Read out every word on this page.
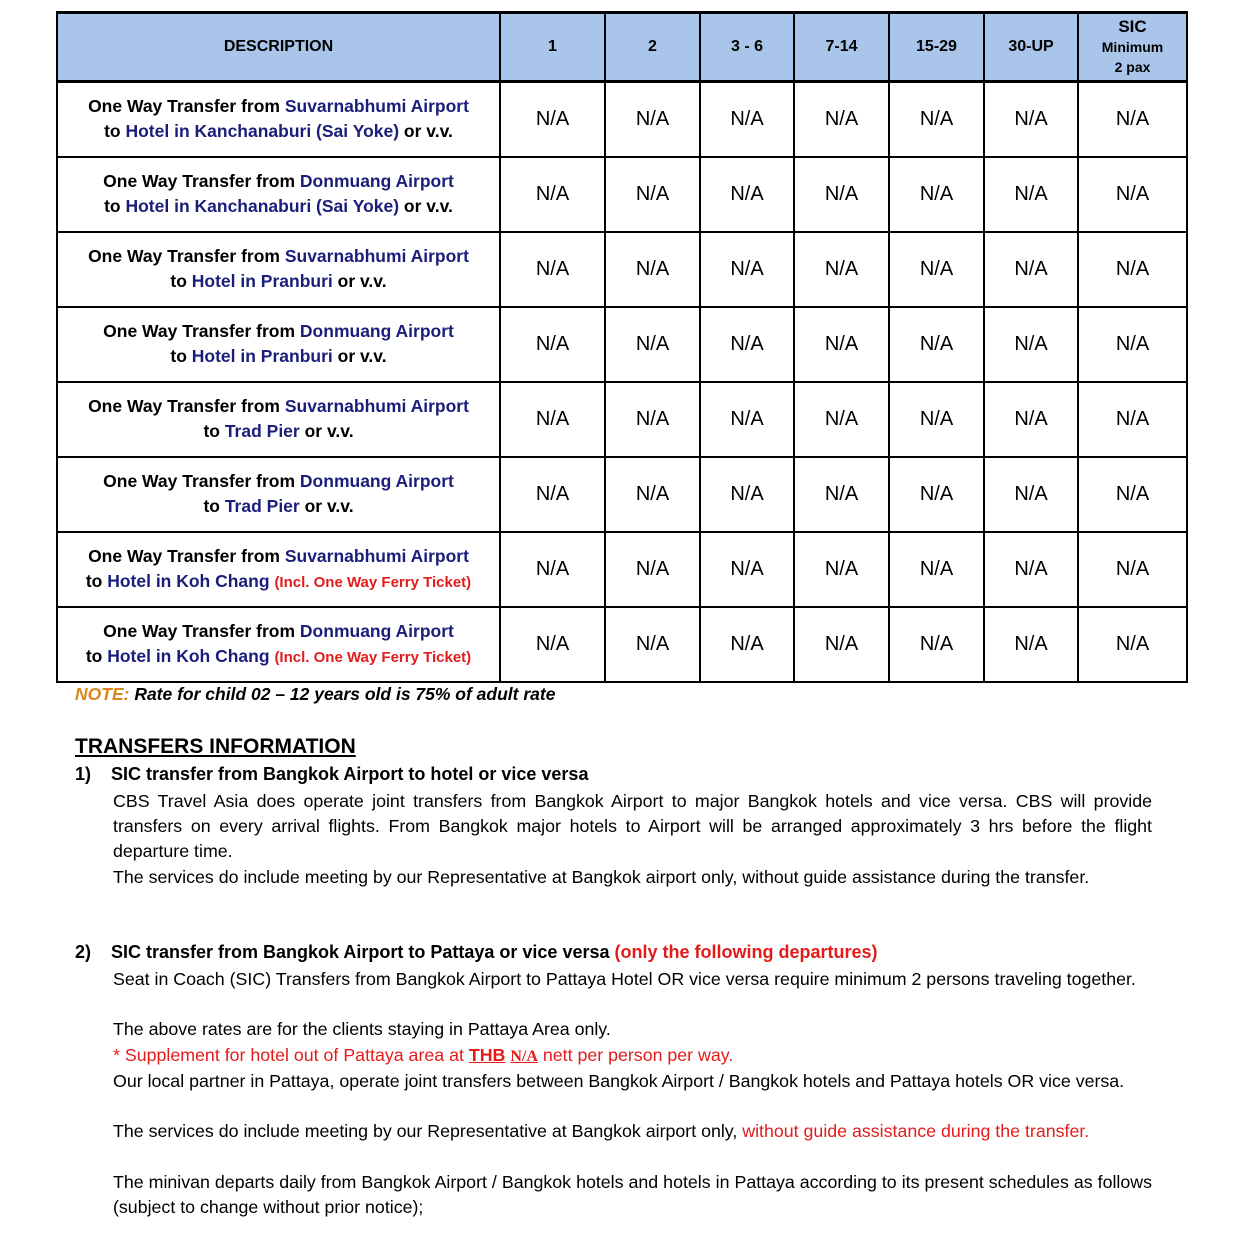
DESCRIPTION	1	2	3 - 6	7-14	15-29	30-UP	SIC
Minimum
2 pax
One Way Transfer from Suvarnabhumi Airport
to Hotel in Kanchanaburi (Sai Yoke) or v.v.	N/A	N/A	N/A	N/A	N/A	N/A	N/A
One Way Transfer from Donmuang Airport
to Hotel in Kanchanaburi (Sai Yoke) or v.v.	N/A	N/A	N/A	N/A	N/A	N/A	N/A
One Way Transfer from Suvarnabhumi Airport
to Hotel in Pranburi or v.v.	N/A	N/A	N/A	N/A	N/A	N/A	N/A
One Way Transfer from Donmuang Airport
to Hotel in Pranburi or v.v.	N/A	N/A	N/A	N/A	N/A	N/A	N/A
One Way Transfer from Suvarnabhumi Airport
to Trad Pier or v.v.	N/A	N/A	N/A	N/A	N/A	N/A	N/A
One Way Transfer from Donmuang Airport
to Trad Pier or v.v.	N/A	N/A	N/A	N/A	N/A	N/A	N/A
One Way Transfer from Suvarnabhumi Airport
to Hotel in Koh Chang (Incl. One Way Ferry Ticket)	N/A	N/A	N/A	N/A	N/A	N/A	N/A
One Way Transfer from Donmuang Airport
to Hotel in Koh Chang (Incl. One Way Ferry Ticket)	N/A	N/A	N/A	N/A	N/A	N/A	N/A
NOTE: Rate for child 02 – 12 years old is 75% of adult rate
TRANSFERS INFORMATION
1) SIC transfer from Bangkok Airport to hotel or vice versa

CBS Travel Asia does operate joint transfers from Bangkok Airport to major Bangkok hotels and vice versa. CBS will provide transfers on every arrival flights. From Bangkok major hotels to Airport will be arranged approximately 3 hrs before the flight departure time.

The services do include meeting by our Representative at Bangkok airport only, without guide assistance during the transfer.

2) SIC transfer from Bangkok Airport to Pattaya or vice versa (only the following departures)

Seat in Coach (SIC) Transfers from Bangkok Airport to Pattaya Hotel OR vice versa require minimum 2 persons traveling together.

The above rates are for the clients staying in Pattaya Area only.

* Supplement for hotel out of Pattaya area at THB N/A nett per person per way.

Our local partner in Pattaya, operate joint transfers between Bangkok Airport / Bangkok hotels and Pattaya hotels OR vice versa.

The services do include meeting by our Representative at Bangkok airport only, without guide assistance during the transfer.

The minivan departs daily from Bangkok Airport / Bangkok hotels and hotels in Pattaya according to its present schedules as follows (subject to change without prior notice);
